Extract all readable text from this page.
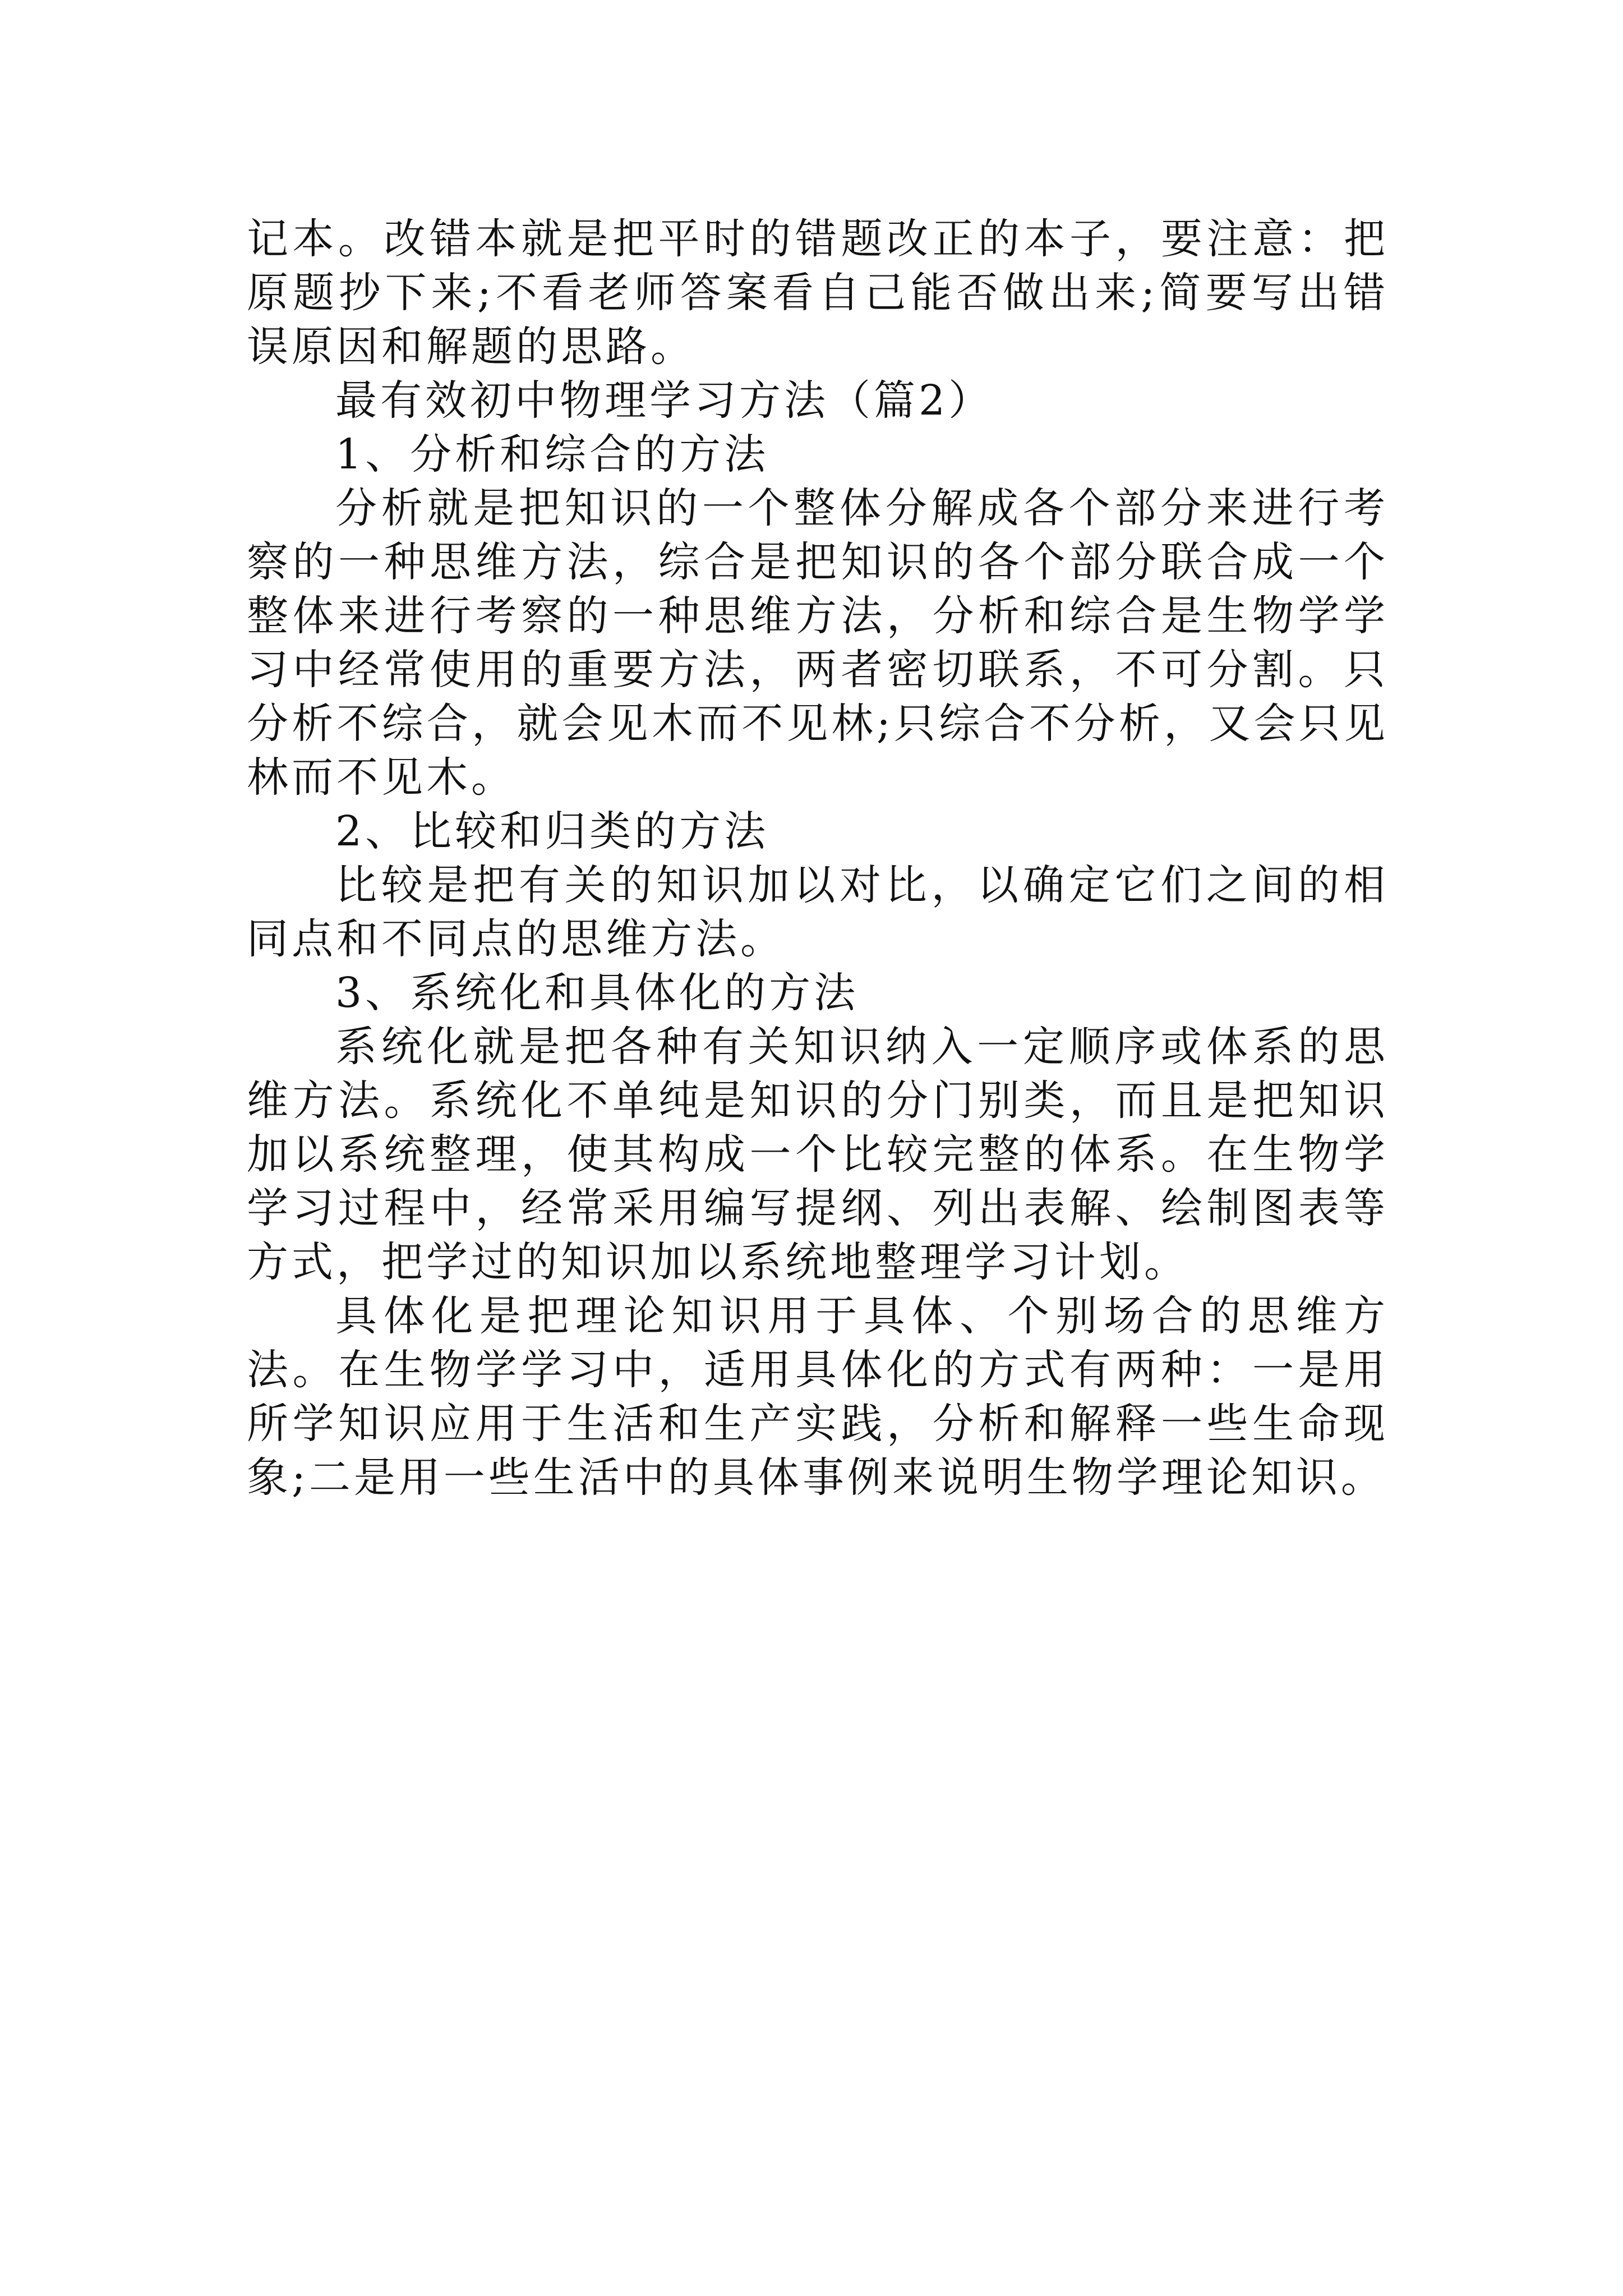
记本。改错本就是把平时的错题改正的本子，要注意：把原题抄下来;不看老师答案看自己能否做出来;简要写出错误原因和解题的思路。

最有效初中物理学习方法（篇2）

1、分析和综合的方法

分析就是把知识的一个整体分解成各个部分来进行考察的一种思维方法，综合是把知识的各个部分联合成一个整体来进行考察的一种思维方法，分析和综合是生物学学习中经常使用的重要方法，两者密切联系，不可分割。只分析不综合，就会见木而不见林;只综合不分析，又会只见林而不见木。

2、比较和归类的方法

比较是把有关的知识加以对比，以确定它们之间的相同点和不同点的思维方法。

3、系统化和具体化的方法

系统化就是把各种有关知识纳入一定顺序或体系的思维方法。系统化不单纯是知识的分门别类，而且是把知识加以系统整理，使其构成一个比较完整的体系。在生物学学习过程中，经常采用编写提纲、列出表解、绘制图表等方式，把学过的知识加以系统地整理学习计划。

具体化是把理论知识用于具体、个别场合的思维方法。在生物学学习中，适用具体化的方式有两种：一是用所学知识应用于生活和生产实践，分析和解释一些生命现象;二是用一些生活中的具体事例来说明生物学理论知识。
